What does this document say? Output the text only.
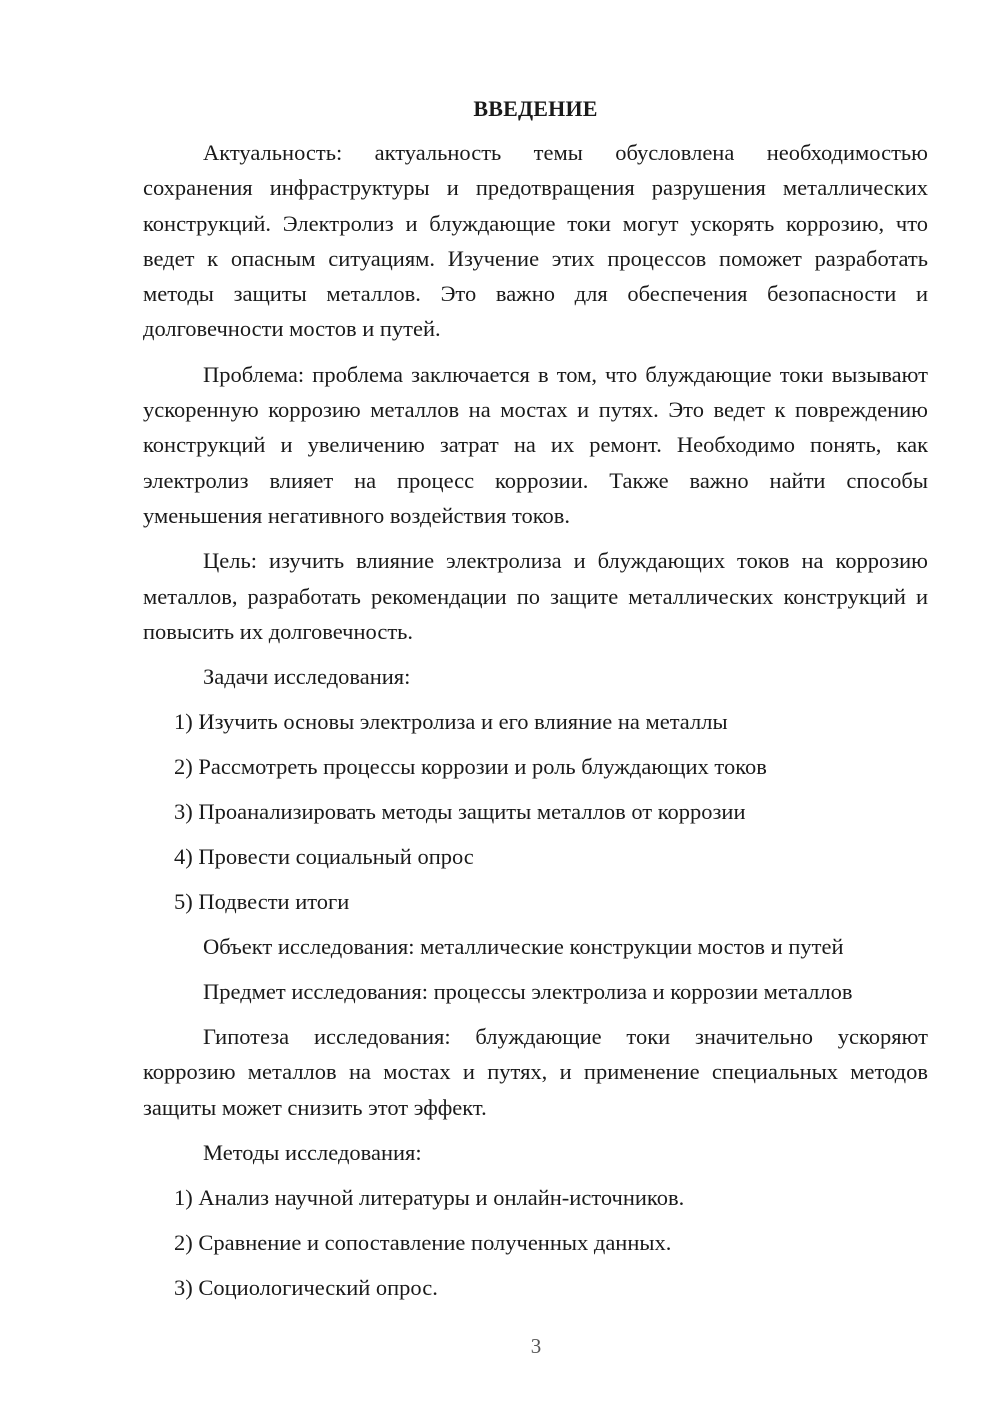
ВВЕДЕНИЕ

Актуальность: актуальность темы обусловлена необходимостью сохранения инфраструктуры и предотвращения разрушения металлических конструкций. Электролиз и блуждающие токи могут ускорять коррозию, что ведет к опасным ситуациям. Изучение этих процессов поможет разработать методы защиты металлов. Это важно для обеспечения безопасности и долговечности мостов и путей.

Проблема: проблема заключается в том, что блуждающие токи вызывают ускоренную коррозию металлов на мостах и путях. Это ведет к повреждению конструкций и увеличению затрат на их ремонт. Необходимо понять, как электролиз влияет на процесс коррозии. Также важно найти способы уменьшения негативного воздействия токов.

Цель: изучить влияние электролиза и блуждающих токов на коррозию металлов, разработать рекомендации по защите металлических конструкций и повысить их долговечность.

Задачи исследования:

1) Изучить основы электролиза и его влияние на металлы

2) Рассмотреть процессы коррозии и роль блуждающих токов

3) Проанализировать методы защиты металлов от коррозии

4) Провести социальный опрос

5) Подвести итоги

Объект исследования: металлические конструкции мостов и путей

Предмет исследования: процессы электролиза и коррозии металлов

Гипотеза исследования: блуждающие токи значительно ускоряют коррозию металлов на мостах и путях, и применение специальных методов защиты может снизить этот эффект.

Методы исследования:

1) Анализ научной литературы и онлайн-источников.

2) Сравнение и сопоставление полученных данных.

3) Социологический опрос.

3
